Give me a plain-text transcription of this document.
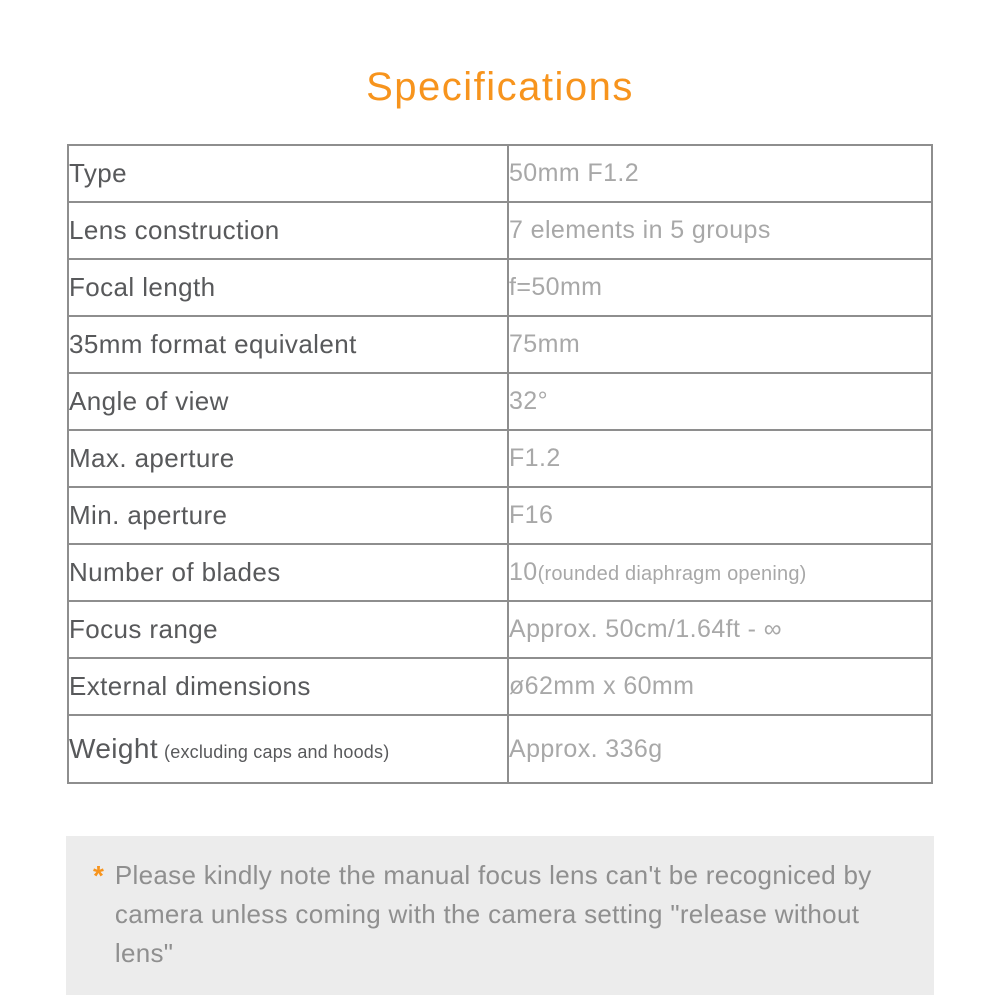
Specifications
Type	50mm F1.2
Lens construction	7 elements in 5 groups
Focal length	f=50mm
35mm format equivalent	75mm
Angle of view	32°
Max. aperture	F1.2
Min. aperture	F16
Number of blades	10(rounded diaphragm opening)
Focus range	Approx. 50cm/1.64ft - ∞
External dimensions	ø62mm x 60mm
Weight (excluding caps and hoods)	Approx. 336g
* Please kindly note the manual focus lens can't be recogniced by
camera unless coming with the camera setting "release without lens"
